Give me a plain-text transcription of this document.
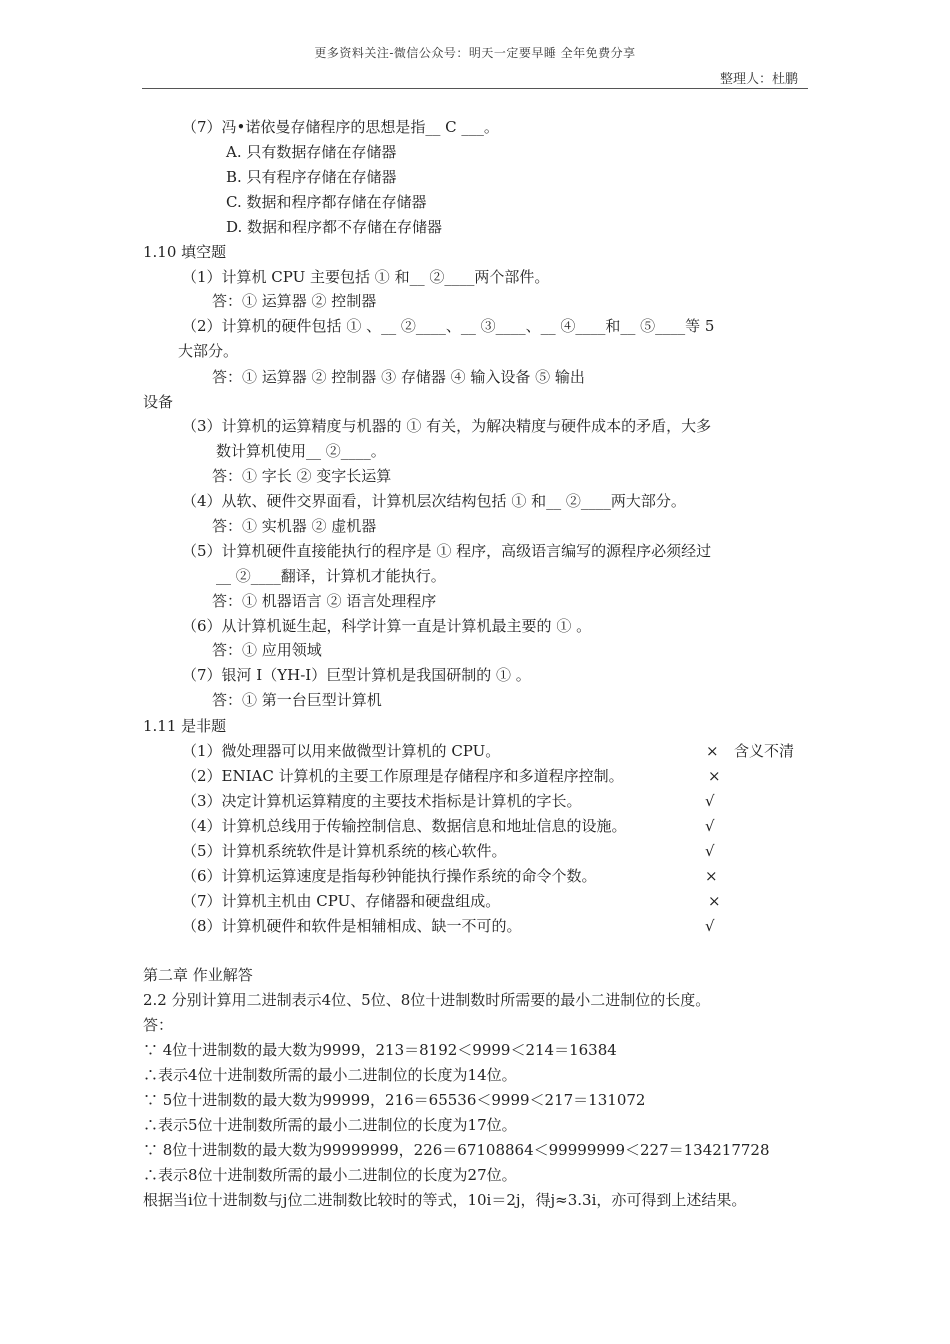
更多资料关注-微信公众号：明天一定要早睡 全年免费分享
整理人：杜鹏
（7）冯•诺依曼存储程序的思想是指__ C ___。
A. 只有数据存储在存储器
B. 只有程序存储在存储器
C. 数据和程序都存储在存储器
D. 数据和程序都不存储在存储器
1.10 填空题
（1）计算机 CPU 主要包括 ① 和__ ②____两个部件。
答：① 运算器 ② 控制器
（2）计算机的硬件包括 ① 、__ ②____、__ ③____、__ ④____和__ ⑤____等 5
大部分。
答：① 运算器 ② 控制器 ③ 存储器 ④ 输入设备 ⑤ 输出
设备
（3）计算机的运算精度与机器的 ① 有关，为解决精度与硬件成本的矛盾，大多
数计算机使用__ ②____。
答：① 字长 ② 变字长运算
（4）从软、硬件交界面看，计算机层次结构包括 ① 和__ ②____两大部分。
答：① 实机器 ② 虚机器
（5）计算机硬件直接能执行的程序是 ① 程序，高级语言编写的源程序必须经过
__ ②____翻译，计算机才能执行。
答：① 机器语言 ② 语言处理程序
（6）从计算机诞生起，科学计算一直是计算机最主要的 ① 。
答：① 应用领域
（7）银河 I（YH-I）巨型计算机是我国研制的 ① 。
答：① 第一台巨型计算机
1.11 是非题
（1）微处理器可以用来做微型计算机的 CPU。	× 含义不清
（2）ENIAC 计算机的主要工作原理是存储程序和多道程序控制。	×
（3）决定计算机运算精度的主要技术指标是计算机的字长。	√
（4）计算机总线用于传输控制信息、数据信息和地址信息的设施。	√
（5）计算机系统软件是计算机系统的核心软件。	√
（6）计算机运算速度是指每秒钟能执行操作系统的命令个数。	×
（7）计算机主机由 CPU、存储器和硬盘组成。	×
（8）计算机硬件和软件是相辅相成、缺一不可的。	√
第二章 作业解答
2.2 分别计算用二进制表示4位、5位、8位十进制数时所需要的最小二进制位的长度。
答：
∵ 4位十进制数的最大数为9999，213＝8192＜9999＜214＝16384
∴表示4位十进制数所需的最小二进制位的长度为14位。
∵ 5位十进制数的最大数为99999，216＝65536＜9999＜217＝131072
∴表示5位十进制数所需的最小二进制位的长度为17位。
∵ 8位十进制数的最大数为99999999，226＝67108864＜99999999＜227＝134217728
∴表示8位十进制数所需的最小二进制位的长度为27位。
根据当i位十进制数与j位二进制数比较时的等式，10i＝2j，得j≈3.3i，亦可得到上述结果。
